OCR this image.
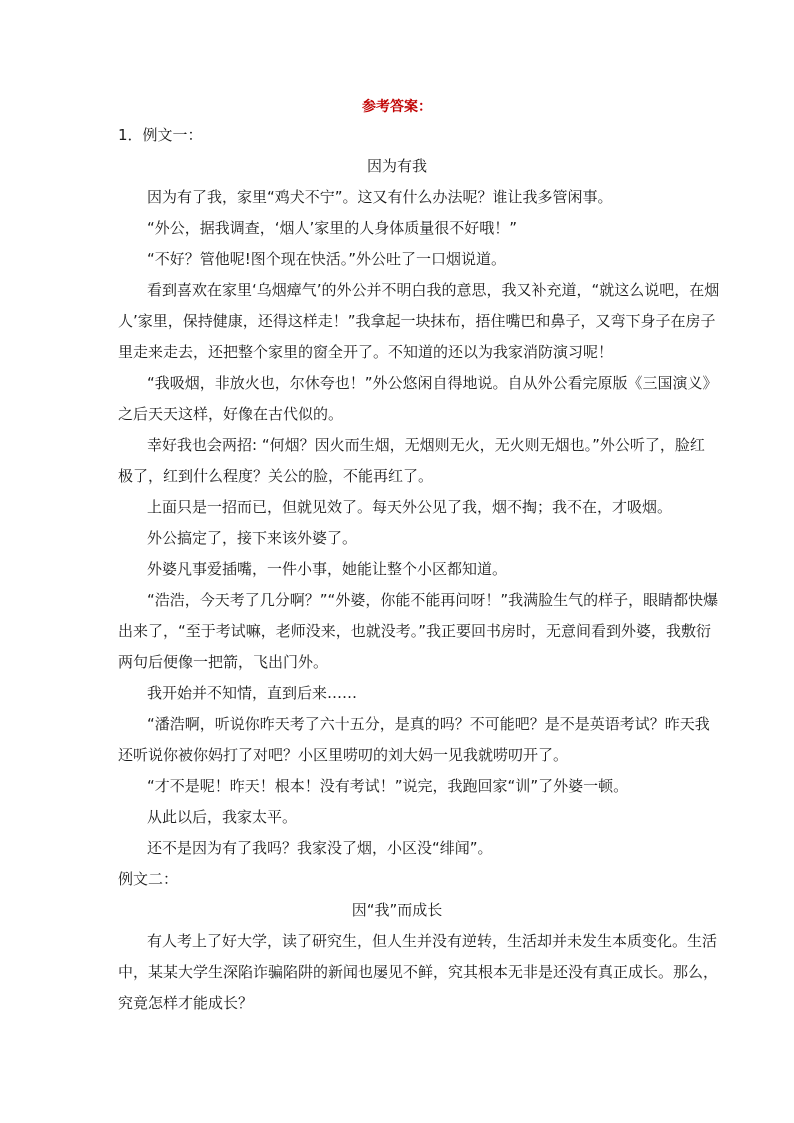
参考答案：
1．例文一：
因为有我
因为有了我，家里“鸡犬不宁”。这又有什么办法呢？谁让我多管闲事。
“外公，据我调查，‘烟人’家里的人身体质量很不好哦！”
“不好？管他呢!图个现在快活。”外公吐了一口烟说道。
看到喜欢在家里‘乌烟瘴气’的外公并不明白我的意思，我又补充道，“就这么说吧，在烟
人’家里，保持健康，还得这样走！”我拿起一块抹布，捂住嘴巴和鼻子，又弯下身子在房子
里走来走去，还把整个家里的窗全开了。不知道的还以为我家消防演习呢！
“我吸烟，非放火也，尔休夸也！”外公悠闲自得地说。自从外公看完原版《三国演义》
之后天天这样，好像在古代似的。
幸好我也会两招: “何烟？因火而生烟，无烟则无火，无火则无烟也。”外公听了，脸红
极了，红到什么程度？关公的脸，不能再红了。
上面只是一招而已，但就见效了。每天外公见了我，烟不掏；我不在，才吸烟。
外公搞定了，接下来该外婆了。
外婆凡事爱插嘴，一件小事，她能让整个小区都知道。
“浩浩，今天考了几分啊？”“外婆，你能不能再问呀！”我满脸生气的样子，眼睛都快爆
出来了，“至于考试嘛，老师没来，也就没考。”我正要回书房时，无意间看到外婆，我敷衍
两句后便像一把箭，飞出门外。
我开始并不知情，直到后来……
“潘浩啊，听说你昨天考了六十五分，是真的吗？不可能吧？是不是英语考试？昨天我
还听说你被你妈打了对吧？小区里唠叨的刘大妈一见我就唠叨开了。
“才不是呢！昨天！根本！没有考试！”说完，我跑回家“训”了外婆一顿。
从此以后，我家太平。
还不是因为有了我吗？我家没了烟，小区没“绯闻”。
例文二：
因“我”而成长
有人考上了好大学，读了研究生，但人生并没有逆转，生活却并未发生本质变化。生活
中，某某大学生深陷诈骗陷阱的新闻也屡见不鲜，究其根本无非是还没有真正成长。那么，
究竟怎样才能成长？
